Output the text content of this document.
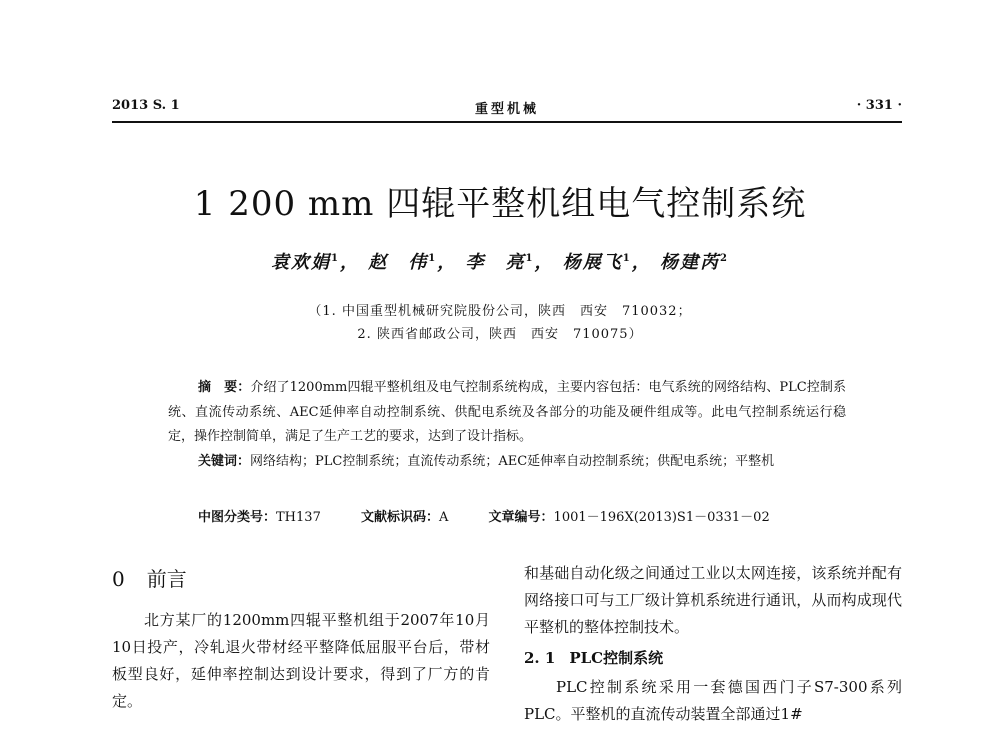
2013 S. 1	重型机械	· 331 ·
1 200 mm 四辊平整机组电气控制系统
袁欢娟$^1$， 赵　伟$^1$， 李　亮$^1$， 杨展飞$^1$， 杨建芮$^2$
（1. 中国重型机械研究院股份公司，陕西　西安　710032；
2. 陕西省邮政公司，陕西　西安　710075）

摘　要：介绍了1200mm四辊平整机组及电气控制系统构成，主要内容包括：电气系统的网络结构、PLC控制系统、直流传动系统、AEC延伸率自动控制系统、供配电系统及各部分的功能及硬件组成等。此电气控制系统运行稳定，操作控制简单，满足了生产工艺的要求，达到了设计指标。

关键词：网络结构；PLC控制系统；直流传动系统；AEC延伸率自动控制系统；供配电系统；平整机

中图分类号：TH137	文献标识码：A	文章编号：1001－196X(2013)S1－0331－02
0 前言

北方某厂的1200mm四辊平整机组于2007年10月10日投产，冷轧退火带材经平整降低屈服平台后，带材板型良好，延伸率控制达到设计要求，得到了厂方的肯定。

和基础自动化级之间通过工业以太网连接，该系统并配有网络接口可与工厂级计算机系统进行通讯，从而构成现代平整机的整体控制技术。

2. 1 PLC控制系统

PLC控制系统采用一套德国西门子S7-300系列PLC。平整机的直流传动装置全部通过1#
